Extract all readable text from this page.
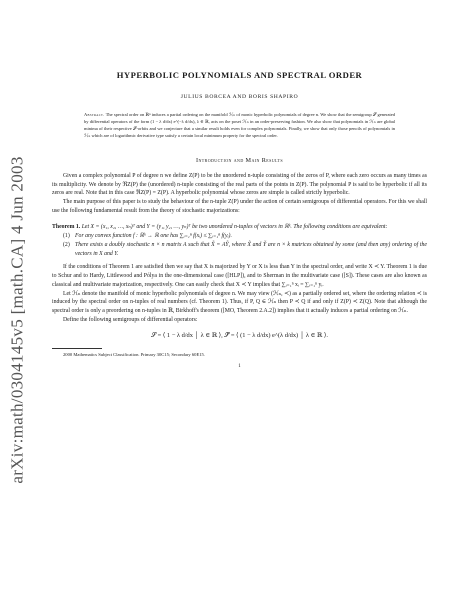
arXiv:math/0304145v5 [math.CA] 4 Jun 2003
HYPERBOLIC POLYNOMIALS AND SPECTRAL ORDER
JULIUS BORCEA AND BORIS SHAPIRO
Abstract. The spectral order on ℝⁿ induces a partial ordering on the manifold ℋₙ of monic hyperbolic polynomials of degree n. We show that the semigroup 𝒮 generated by differential operators of the form (1 − λ d/dx) e^(−λ d/dx), λ ∈ ℝ, acts on the poset ℋₙ in an order-preserving fashion. We also show that polynomials in ℋₙ are global minima of their respective 𝒮-orbits and we conjecture that a similar result holds even for complex polynomials. Finally, we show that only those pencils of polynomials in ℋₙ which are of logarithmic derivative type satisfy a certain local minimum property for the spectral order.
Introduction and Main Results

Given a complex polynomial P of degree n we define Z(P) to be the unordered n-tuple consisting of the zeros of P, where each zero occurs as many times as its multiplicity. We denote by ℜZ(P) the (unordered) n-tuple consisting of the real parts of the points in Z(P). The polynomial P is said to be hyperbolic if all its zeros are real. Note that in this case ℜZ(P) = Z(P). A hyperbolic polynomial whose zeros are simple is called strictly hyperbolic.

The main purpose of this paper is to study the behaviour of the n-tuple Z(P) under the action of certain semigroups of differential operators. For this we shall use the following fundamental result from the theory of stochastic majorizations:

Theorem 1. Let X = (x₁, x₂, …, xₙ)ᵀ and Y = (y₁, y₂, …, yₙ)ᵀ be two unordered n-tuples of vectors in ℝᵏ. The following conditions are equivalent:
(1) For any convex function f : ℝᵏ → ℝ one has ∑ᵢ₌₁ⁿ f(xᵢ) ≤ ∑ᵢ₌₁ⁿ f(yᵢ).
(2) There exists a doubly stochastic n × n matrix A such that X̃ = AỸ, where X̃ and Ỹ are n × k matrices obtained by some (and then any) ordering of the vectors in X and Y.

If the conditions of Theorem 1 are satisfied then we say that X is majorized by Y or X is less than Y in the spectral order, and write X ≺ Y. Theorem 1 is due to Schur and to Hardy, Littlewood and Pólya in the one-dimensional case ([HLP]), and to Sherman in the multivariate case ([S]). These cases are also known as classical and multivariate majorization, respectively. One can easily check that X ≺ Y implies that ∑ᵢ₌₁ⁿ xᵢ = ∑ᵢ₌₁ⁿ yᵢ.

Let ℋₙ denote the manifold of monic hyperbolic polynomials of degree n. We may view (ℋₙ, ≺) as a partially ordered set, where the ordering relation ≺ is induced by the spectral order on n-tuples of real numbers (cf. Theorem 1). Thus, if P, Q ∈ ℋₙ then P ≺ Q if and only if Z(P) ≺ Z(Q). Note that although the spectral order is only a preordering on n-tuples in ℝ, Birkhoff's theorem ([MO, Theorem 2.A.2]) implies that it actually induces a partial ordering on ℋₙ.

Define the following semigroups of differential operators:

𝒮 = ⟨ 1 − λ d/dx │ λ ∈ ℝ ⟩, 𝒮̃ = ⟨ (1 − λ d/dx) e^(λ d/dx) │ λ ∈ ℝ ⟩.

2000 Mathematics Subject Classification. Primary 30C15; Secondary 60E15.

1
